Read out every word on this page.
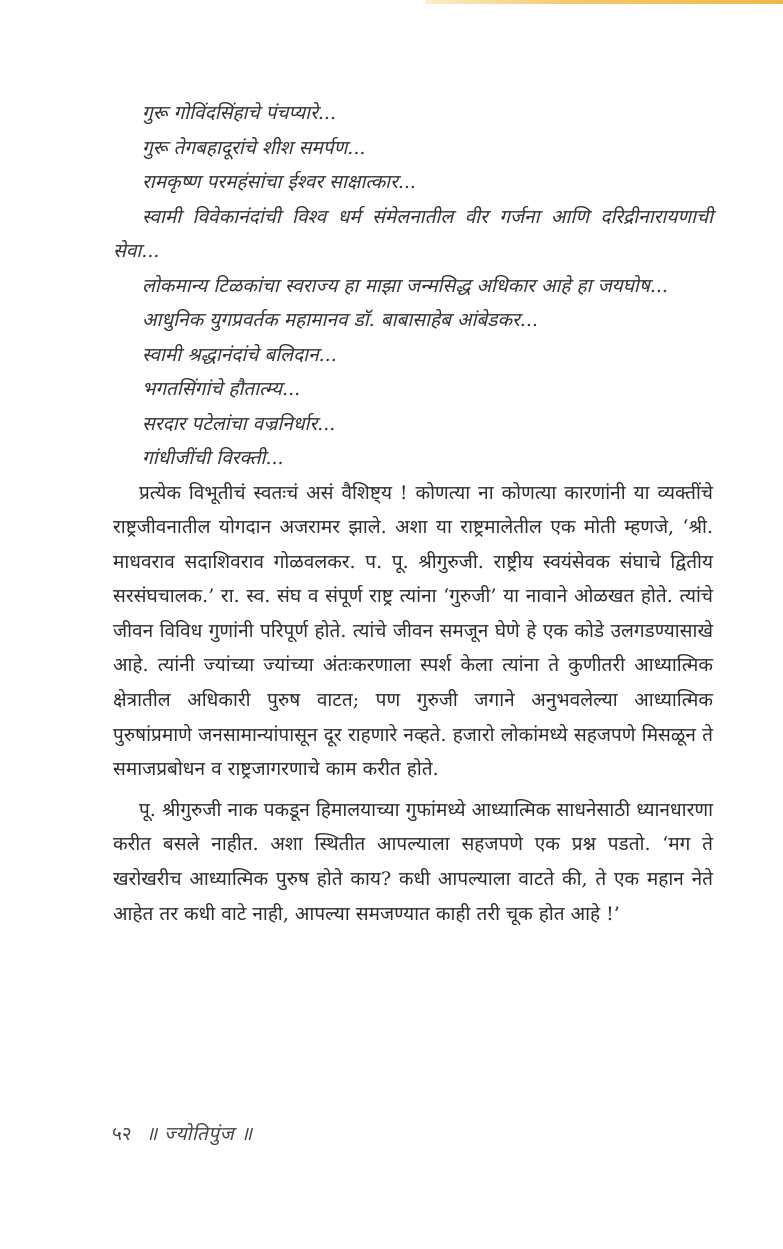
गुरू गोविंदसिंहाचे पंचप्यारे...

गुरू तेगबहादूरांचे शीश समर्पण...

रामकृष्ण परमहंसांचा ईश्वर साक्षात्कार...

स्वामी विवेकानंदांची विश्व धर्म संमेलनातील वीर गर्जना आणि दरिद्रीनारायणाची सेवा...

लोकमान्य टिळकांचा स्वराज्य हा माझा जन्मसिद्ध अधिकार आहे हा जयघोष...

आधुनिक युगप्रवर्तक महामानव डॉ. बाबासाहेब आंबेडकर...

स्वामी श्रद्धानंदांचे बलिदान...

भगतसिंगांचे हौतात्म्य...

सरदार पटेलांचा वज्रनिर्धार...

गांधीजींची विरक्ती...

प्रत्येक विभूतीचं स्वतःचं असं वैशिष्ट्य ! कोणत्या ना कोणत्या कारणांनी या व्यक्तींचे राष्ट्रजीवनातील योगदान अजरामर झाले. अशा या राष्ट्रमालेतील एक मोती म्हणजे, ‘श्री. माधवराव सदाशिवराव गोळवलकर. प. पू. श्रीगुरुजी. राष्ट्रीय स्वयंसेवक संघाचे द्वितीय सरसंघचालक.’ रा. स्व. संघ व संपूर्ण राष्ट्र त्यांना ‘गुरुजी’ या नावाने ओळखत होते. त्यांचे जीवन विविध गुणांनी परिपूर्ण होते. त्यांचे जीवन समजून घेणे हे एक कोडे उलगडण्यासाखे आहे. त्यांनी ज्यांच्या ज्यांच्या अंतःकरणाला स्पर्श केला त्यांना ते कुणीतरी आध्यात्मिक क्षेत्रातील अधिकारी पुरुष वाटत; पण गुरुजी जगाने अनुभवलेल्या आध्यात्मिक पुरुषांप्रमाणे जनसामान्यांपासून दूर राहणारे नव्हते. हजारो लोकांमध्ये सहजपणे मिसळून ते समाजप्रबोधन व राष्ट्रजागरणाचे काम करीत होते.

पू. श्रीगुरुजी नाक पकडून हिमालयाच्या गुफांमध्ये आध्यात्मिक साधनेसाठी ध्यानधारणा करीत बसले नाहीत. अशा स्थितीत आपल्याला सहजपणे एक प्रश्न पडतो. ‘मग ते खरोखरीच आध्यात्मिक पुरुष होते काय? कधी आपल्याला वाटते की, ते एक महान नेते आहेत तर कधी वाटे नाही, आपल्या समजण्यात काही तरी चूक होत आहे !’

५२ ॥ ज्योतिपुंज ॥
